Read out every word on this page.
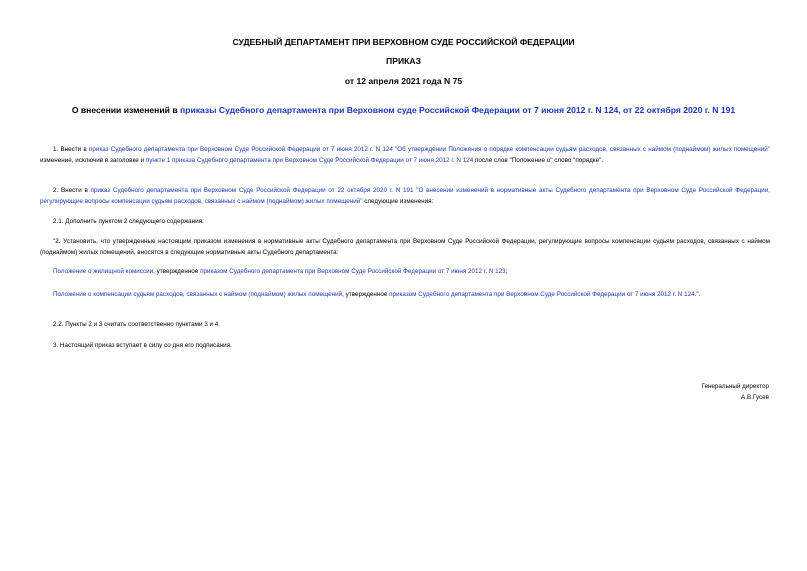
СУДЕБНЫЙ ДЕПАРТАМЕНТ ПРИ ВЕРХОВНОМ СУДЕ РОССИЙСКОЙ ФЕДЕРАЦИИ
ПРИКАЗ
от 12 апреля 2021 года N 75
О внесении изменений в приказы Судебного департамента при Верховном суде Российской Федерации от 7 июня 2012 г. N 124, от 22 октября 2020 г. N 191
1. Внести в приказ Судебного департамента при Верховном Суде Российской Федерации от 7 июня 2012 г. N 124 "Об утверждении Положения о порядке компенсации судьям расходов, связанных с наймом (поднаймом) жилых помещений" изменение, исключив в заголовке и пункте 1 приказа Судебного департамента при Верховном Суде Российской Федерации от 7 июня 2012 г. N 124 после слов "Положение о" слово "порядке".
2. Внести в приказ Судебного департамента при Верховном Суде Российской Федерации от 22 октября 2020 г. N 191 "О внесении изменений в нормативные акты Судебного департамента при Верховном Суде Российской Федерации, регулирующие вопросы компенсации судьям расходов, связанных с наймом (поднаймом) жилых помещений" следующие изменения:
2.1. Дополнить пунктом 2 следующего содержания:
"2. Установить, что утвержденные настоящим приказом изменения в нормативные акты Судебного департамента при Верховном Суде Российской Федерации, регулирующие вопросы компенсации судьям расходов, связанных с наймом (поднаймом) жилых помещений, вносятся в следующие нормативные акты Судебного департамента:
Положение о жилищной комиссии, утвержденное приказом Судебного департамента при Верховном Суде Российской Федерации от 7 июня 2012 г. N 123;
Положение о компенсации судьям расходов, связанных с наймом (поднаймом) жилых помещений, утвержденное приказом Судебного департамента при Верховном Суде Российской Федерации от 7 июня 2012 г. N 124.".
2.2. Пункты 2 и 3 считать соответственно пунктами 3 и 4.
3. Настоящий приказ вступает в силу со дня его подписания.
Генеральный директор
А.В.Гусев
